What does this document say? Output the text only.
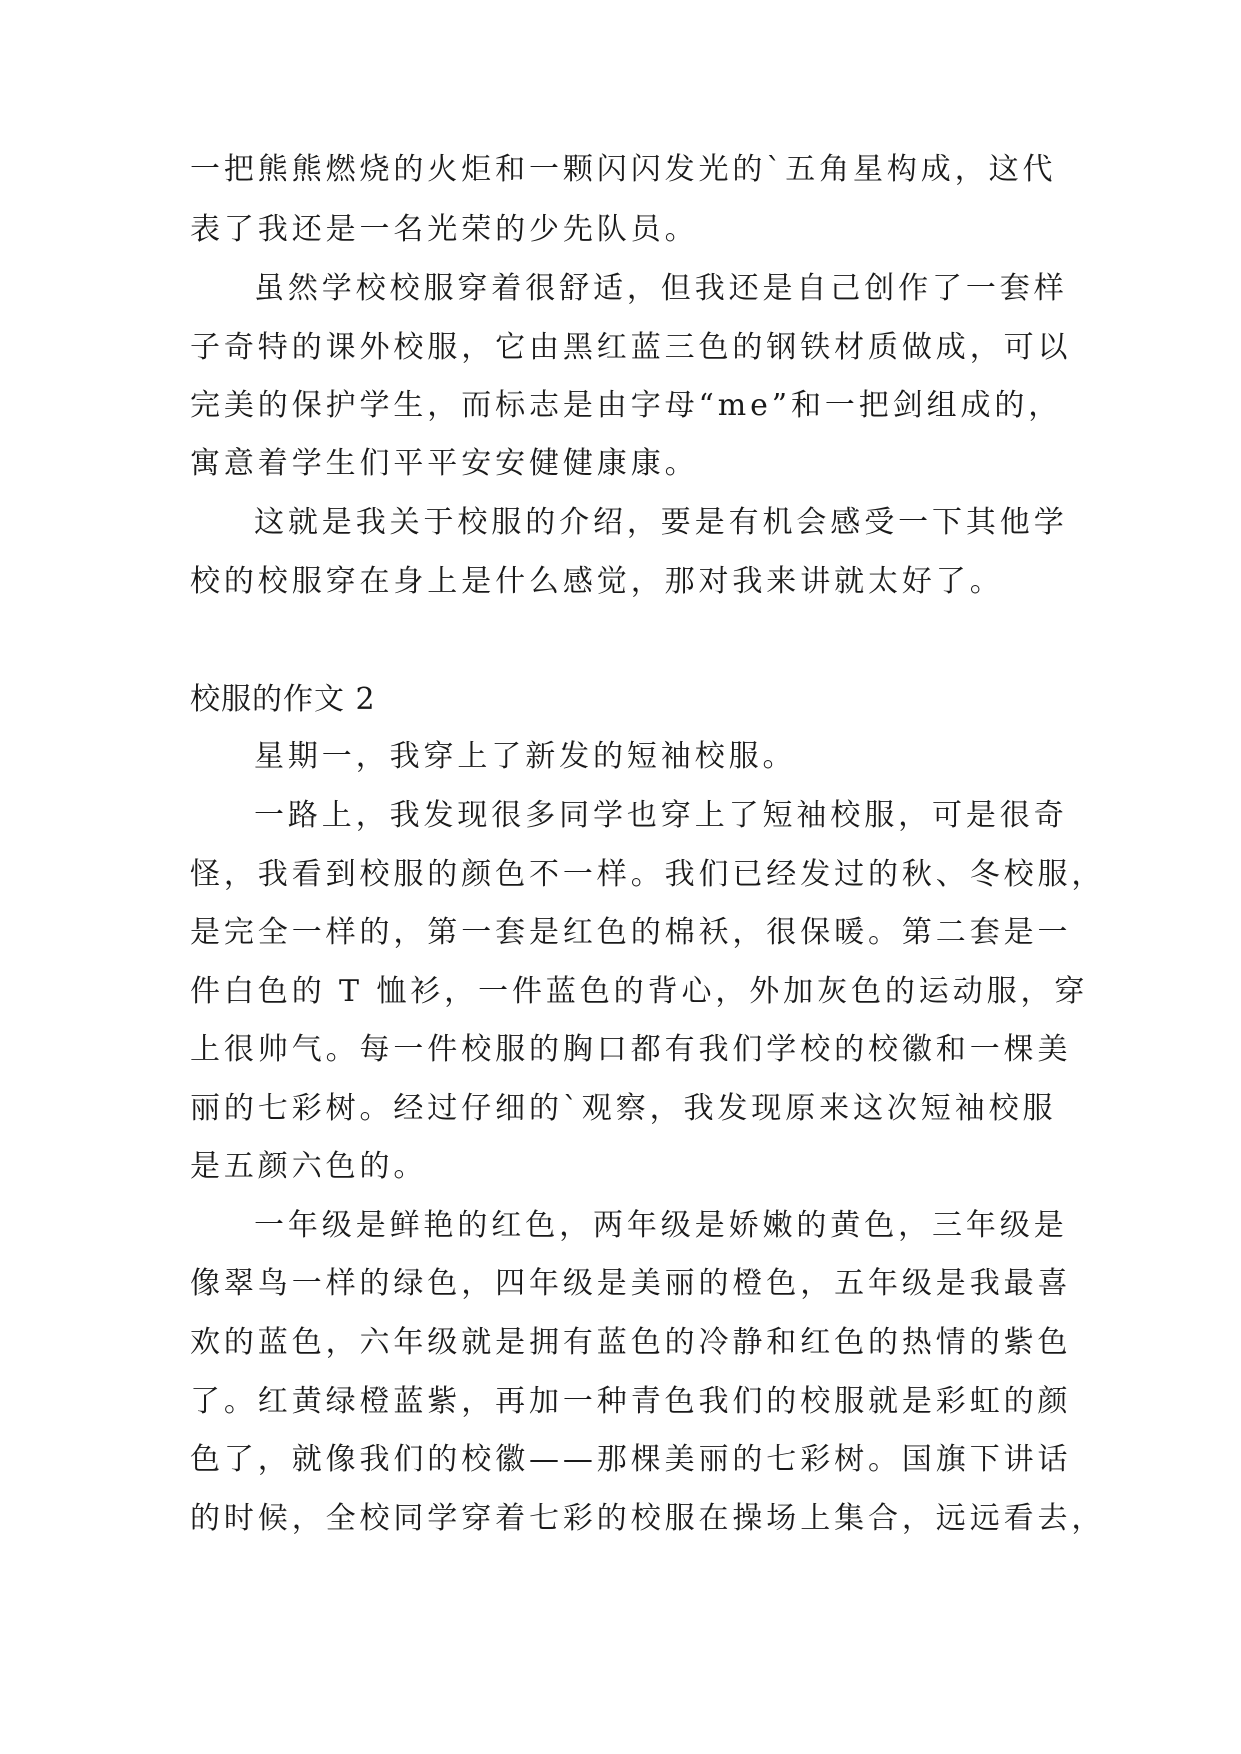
一把熊熊燃烧的火炬和一颗闪闪发光的`五角星构成，这代
表了我还是一名光荣的少先队员。
虽然学校校服穿着很舒适，但我还是自己创作了一套样
子奇特的课外校服，它由黑红蓝三色的钢铁材质做成，可以
完美的保护学生，而标志是由字母“me”和一把剑组成的，
寓意着学生们平平安安健健康康。
这就是我关于校服的介绍，要是有机会感受一下其他学
校的校服穿在身上是什么感觉，那对我来讲就太好了。
校服的作文 2
星期一，我穿上了新发的短袖校服。
一路上，我发现很多同学也穿上了短袖校服，可是很奇
怪，我看到校服的颜色不一样。我们已经发过的秋、冬校服，
是完全一样的，第一套是红色的棉袄，很保暖。第二套是一
件白色的 T 恤衫，一件蓝色的背心，外加灰色的运动服，穿
上很帅气。每一件校服的胸口都有我们学校的校徽和一棵美
丽的七彩树。经过仔细的`观察，我发现原来这次短袖校服
是五颜六色的。
一年级是鲜艳的红色，两年级是娇嫩的黄色，三年级是
像翠鸟一样的绿色，四年级是美丽的橙色，五年级是我最喜
欢的蓝色，六年级就是拥有蓝色的冷静和红色的热情的紫色
了。红黄绿橙蓝紫，再加一种青色我们的校服就是彩虹的颜
色了，就像我们的校徽——那棵美丽的七彩树。国旗下讲话
的时候，全校同学穿着七彩的校服在操场上集合，远远看去，
